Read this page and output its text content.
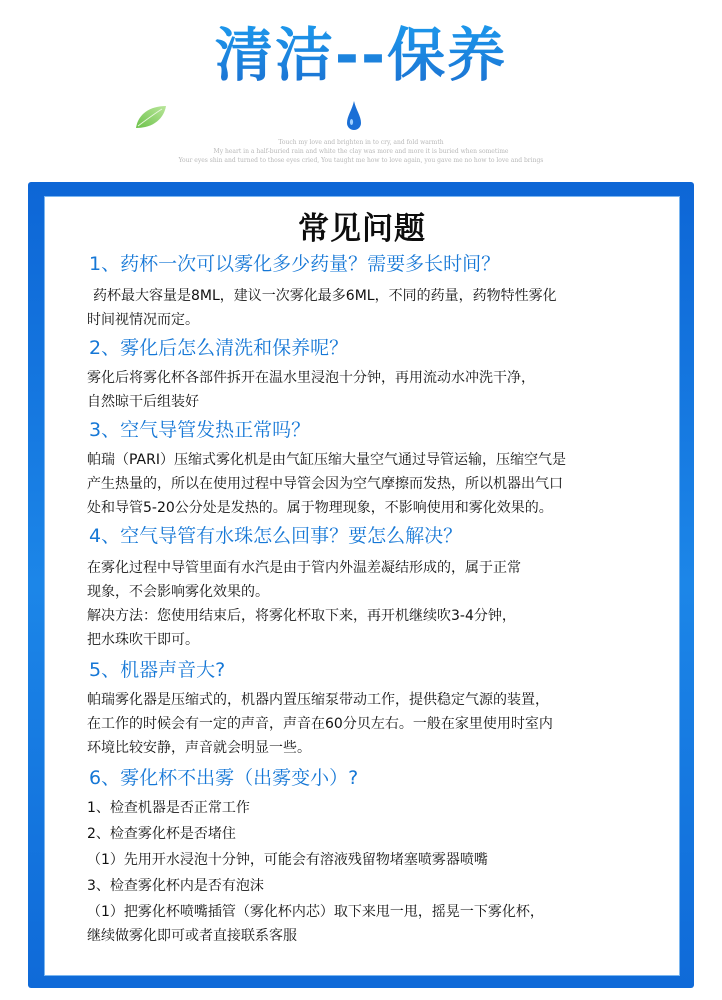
清洁--保养
Touch my love and brighten in to cry, and fold warmth
My heart in a half-buried rain and white the clay was more and more it is buried when sometime
Your eyes shin and turned to those eyes cried, You taught me how to love again, you gave me no how to love and brings
常见问题
1、药杯一次可以雾化多少药量？需要多长时间？
药杯最大容量是8ML，建议一次雾化最多6ML，不同的药量，药物特性雾化
时间视情况而定。
2、雾化后怎么清洗和保养呢？
雾化后将雾化杯各部件拆开在温水里浸泡十分钟，再用流动水冲洗干净，
自然晾干后组装好
3、空气导管发热正常吗？
帕瑞（PARI）压缩式雾化机是由气缸压缩大量空气通过导管运输，压缩空气是
产生热量的，所以在使用过程中导管会因为空气摩擦而发热，所以机器出气口
处和导管5-20公分处是发热的。属于物理现象，不影响使用和雾化效果的。
4、空气导管有水珠怎么回事？要怎么解决？
在雾化过程中导管里面有水汽是由于管内外温差凝结形成的，属于正常
现象，不会影响雾化效果的。
解决方法：您使用结束后，将雾化杯取下来，再开机继续吹3-4分钟，
把水珠吹干即可。
5、机器声音大?
帕瑞雾化器是压缩式的，机器内置压缩泵带动工作，提供稳定气源的装置，
在工作的时候会有一定的声音，声音在60分贝左右。一般在家里使用时室内
环境比较安静，声音就会明显一些。
6、雾化杯不出雾（出雾变小）?
1、检查机器是否正常工作
2、检查雾化杯是否堵住
（1）先用开水浸泡十分钟，可能会有溶液残留物堵塞喷雾器喷嘴
3、检查雾化杯内是否有泡沫
（1）把雾化杯喷嘴插管（雾化杯内芯）取下来甩一甩，摇晃一下雾化杯，
继续做雾化即可或者直接联系客服
